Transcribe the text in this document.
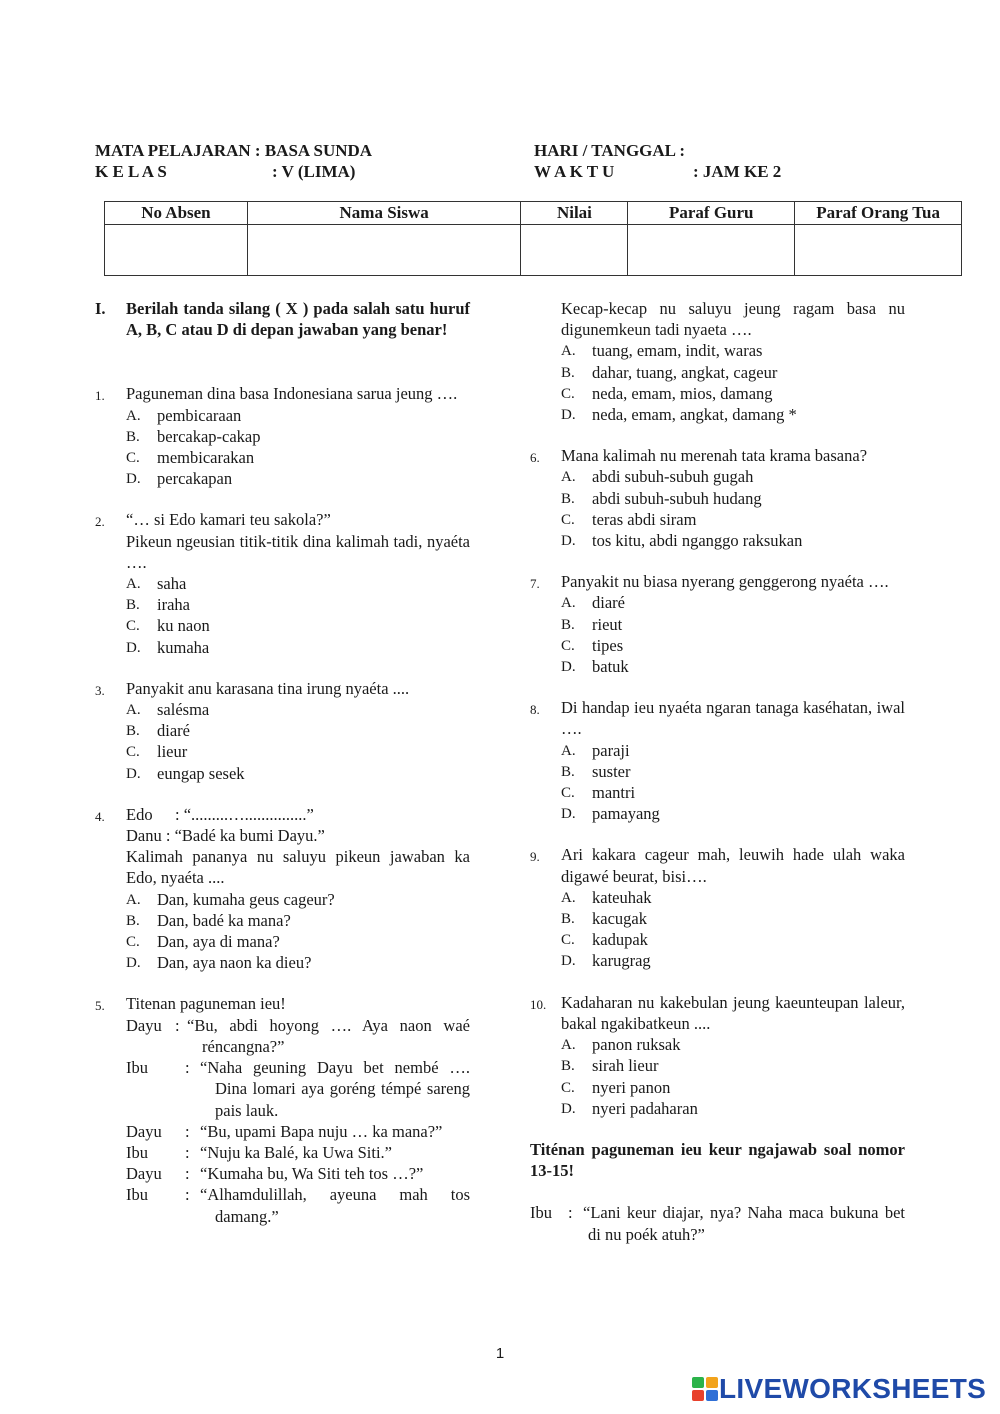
MATA PELAJARAN : BASA SUNDA
K E L A S	: V (LIMA)
HARI / TANGGAL :
W A K T U	: JAM KE 2
No Absen	Nama Siswa	Nilai	Paraf Guru	Paraf Orang Tua

I. Berilah tanda silang ( X ) pada salah satu huruf A, B, C atau D di depan jawaban yang benar!

1. Paguneman dina basa Indonesiana sarua jeung ….

A. pembicaraan
B. bercakap-cakap
C. membicarakan
D. percakapan
2. “… si Edo kamari teu sakola?”

Pikeun ngeusian titik-titik dina kalimah tadi, nyaéta ….

A. saha
B. iraha
C. ku naon
D. kumaha
3. Panyakit anu karasana tina irung nyaéta ....

A. salésma
B. diaré
C. lieur
D. eungap sesek
4. Edo	: “.........…...............”

Danu : “Badé ka bumi Dayu.”

Kalimah pananya nu saluyu pikeun jawaban ka Edo, nyaéta ....

A. Dan, kumaha geus cageur?
B. Dan, badé ka mana?
C. Dan, aya di mana?
D. Dan, aya naon ka dieu?
5. Titenan paguneman ieu!

Dayu : “Bu, abdi hoyong …. Aya naon waé réncangna?”
Ibu	: “Naha geuning Dayu bet nembé …. Dina lomari aya goréng témpé sareng pais lauk.
Dayu	: “Bu, upami Bapa nuju … ka mana?”
Ibu	: “Nuju ka Balé, ka Uwa Siti.”
Dayu	: “Kumaha bu, Wa Siti teh tos …?”
Ibu	: “Alhamdulillah, ayeuna mah tos damang.”

Kecap-kecap nu saluyu jeung ragam basa nu digunemkeun tadi nyaeta ….

A. tuang, emam, indit, waras
B. dahar, tuang, angkat, cageur
C. neda, emam, mios, damang
D. neda, emam, angkat, damang *
6. Mana kalimah nu merenah tata krama basana?

A. abdi subuh-subuh gugah
B. abdi subuh-subuh hudang
C. teras abdi siram
D. tos kitu, abdi nganggo raksukan
7. Panyakit nu biasa nyerang genggerong nyaéta ….

A. diaré
B. rieut
C. tipes
D. batuk
8. Di handap ieu nyaéta ngaran tanaga kaséhatan, iwal ….

A. paraji
B. suster
C. mantri
D. pamayang
9. Ari kakara cageur mah, leuwih hade ulah waka digawé beurat, bisi….

A. kateuhak
B. kacugak
C. kadupak
D. karugrag
10. Kadaharan nu kakebulan jeung kaeunteupan laleur, bakal ngakibatkeun ....

A. panon ruksak
B. sirah lieur
C. nyeri panon
D. nyeri padaharan

Titénan paguneman ieu keur ngajawab soal nomor 13-15!

Ibu : “Lani keur diajar, nya? Naha maca bukuna bet di nu poék atuh?”
1
LIVEWORKSHEETS
